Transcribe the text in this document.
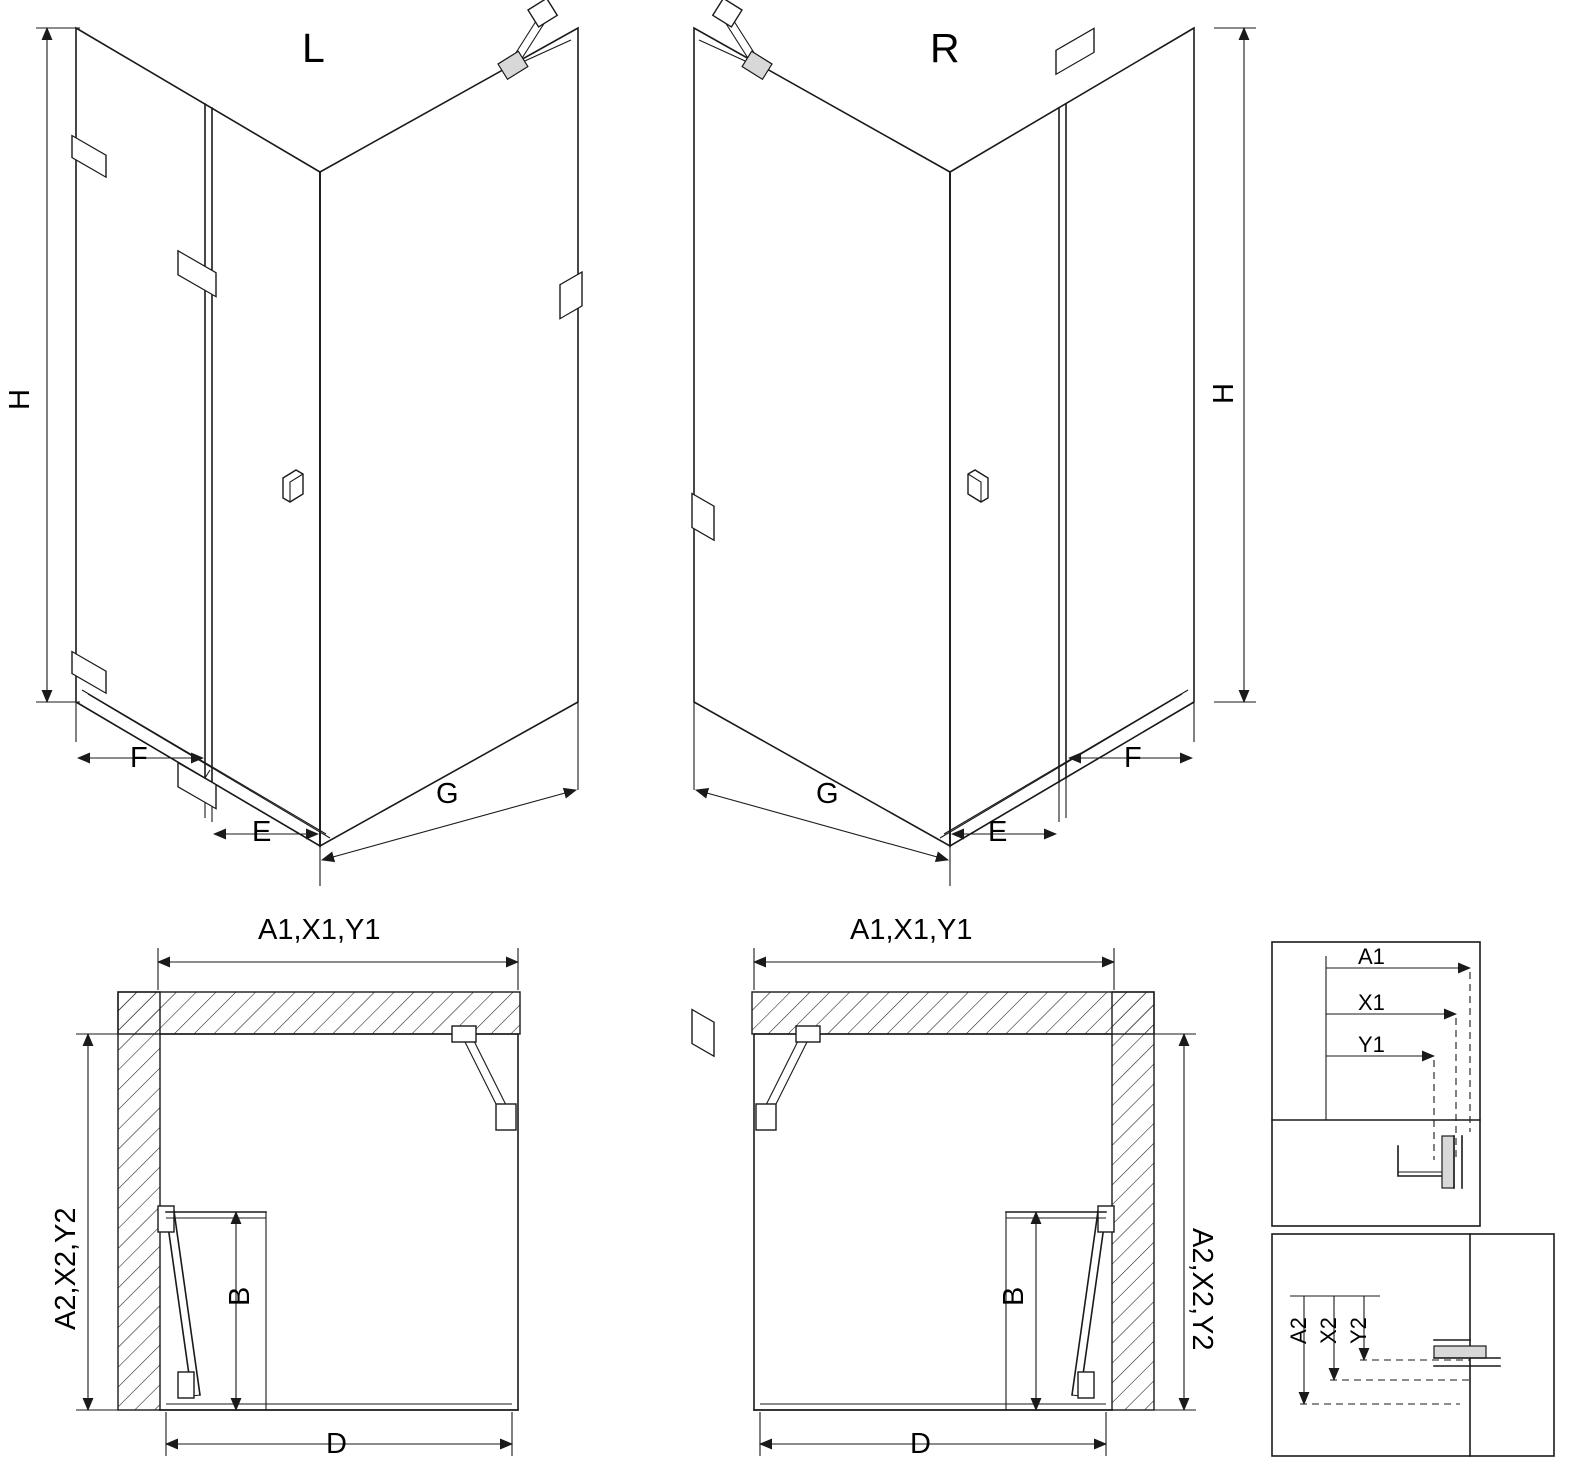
L
H
F
E
G
R
H
G
E
F
A1,X1,Y1
A2,X2,Y2	B
D
A1,X1,Y1
A2,X2,Y2
B
D
A1
X1
Y1
A2 X2 Y2
